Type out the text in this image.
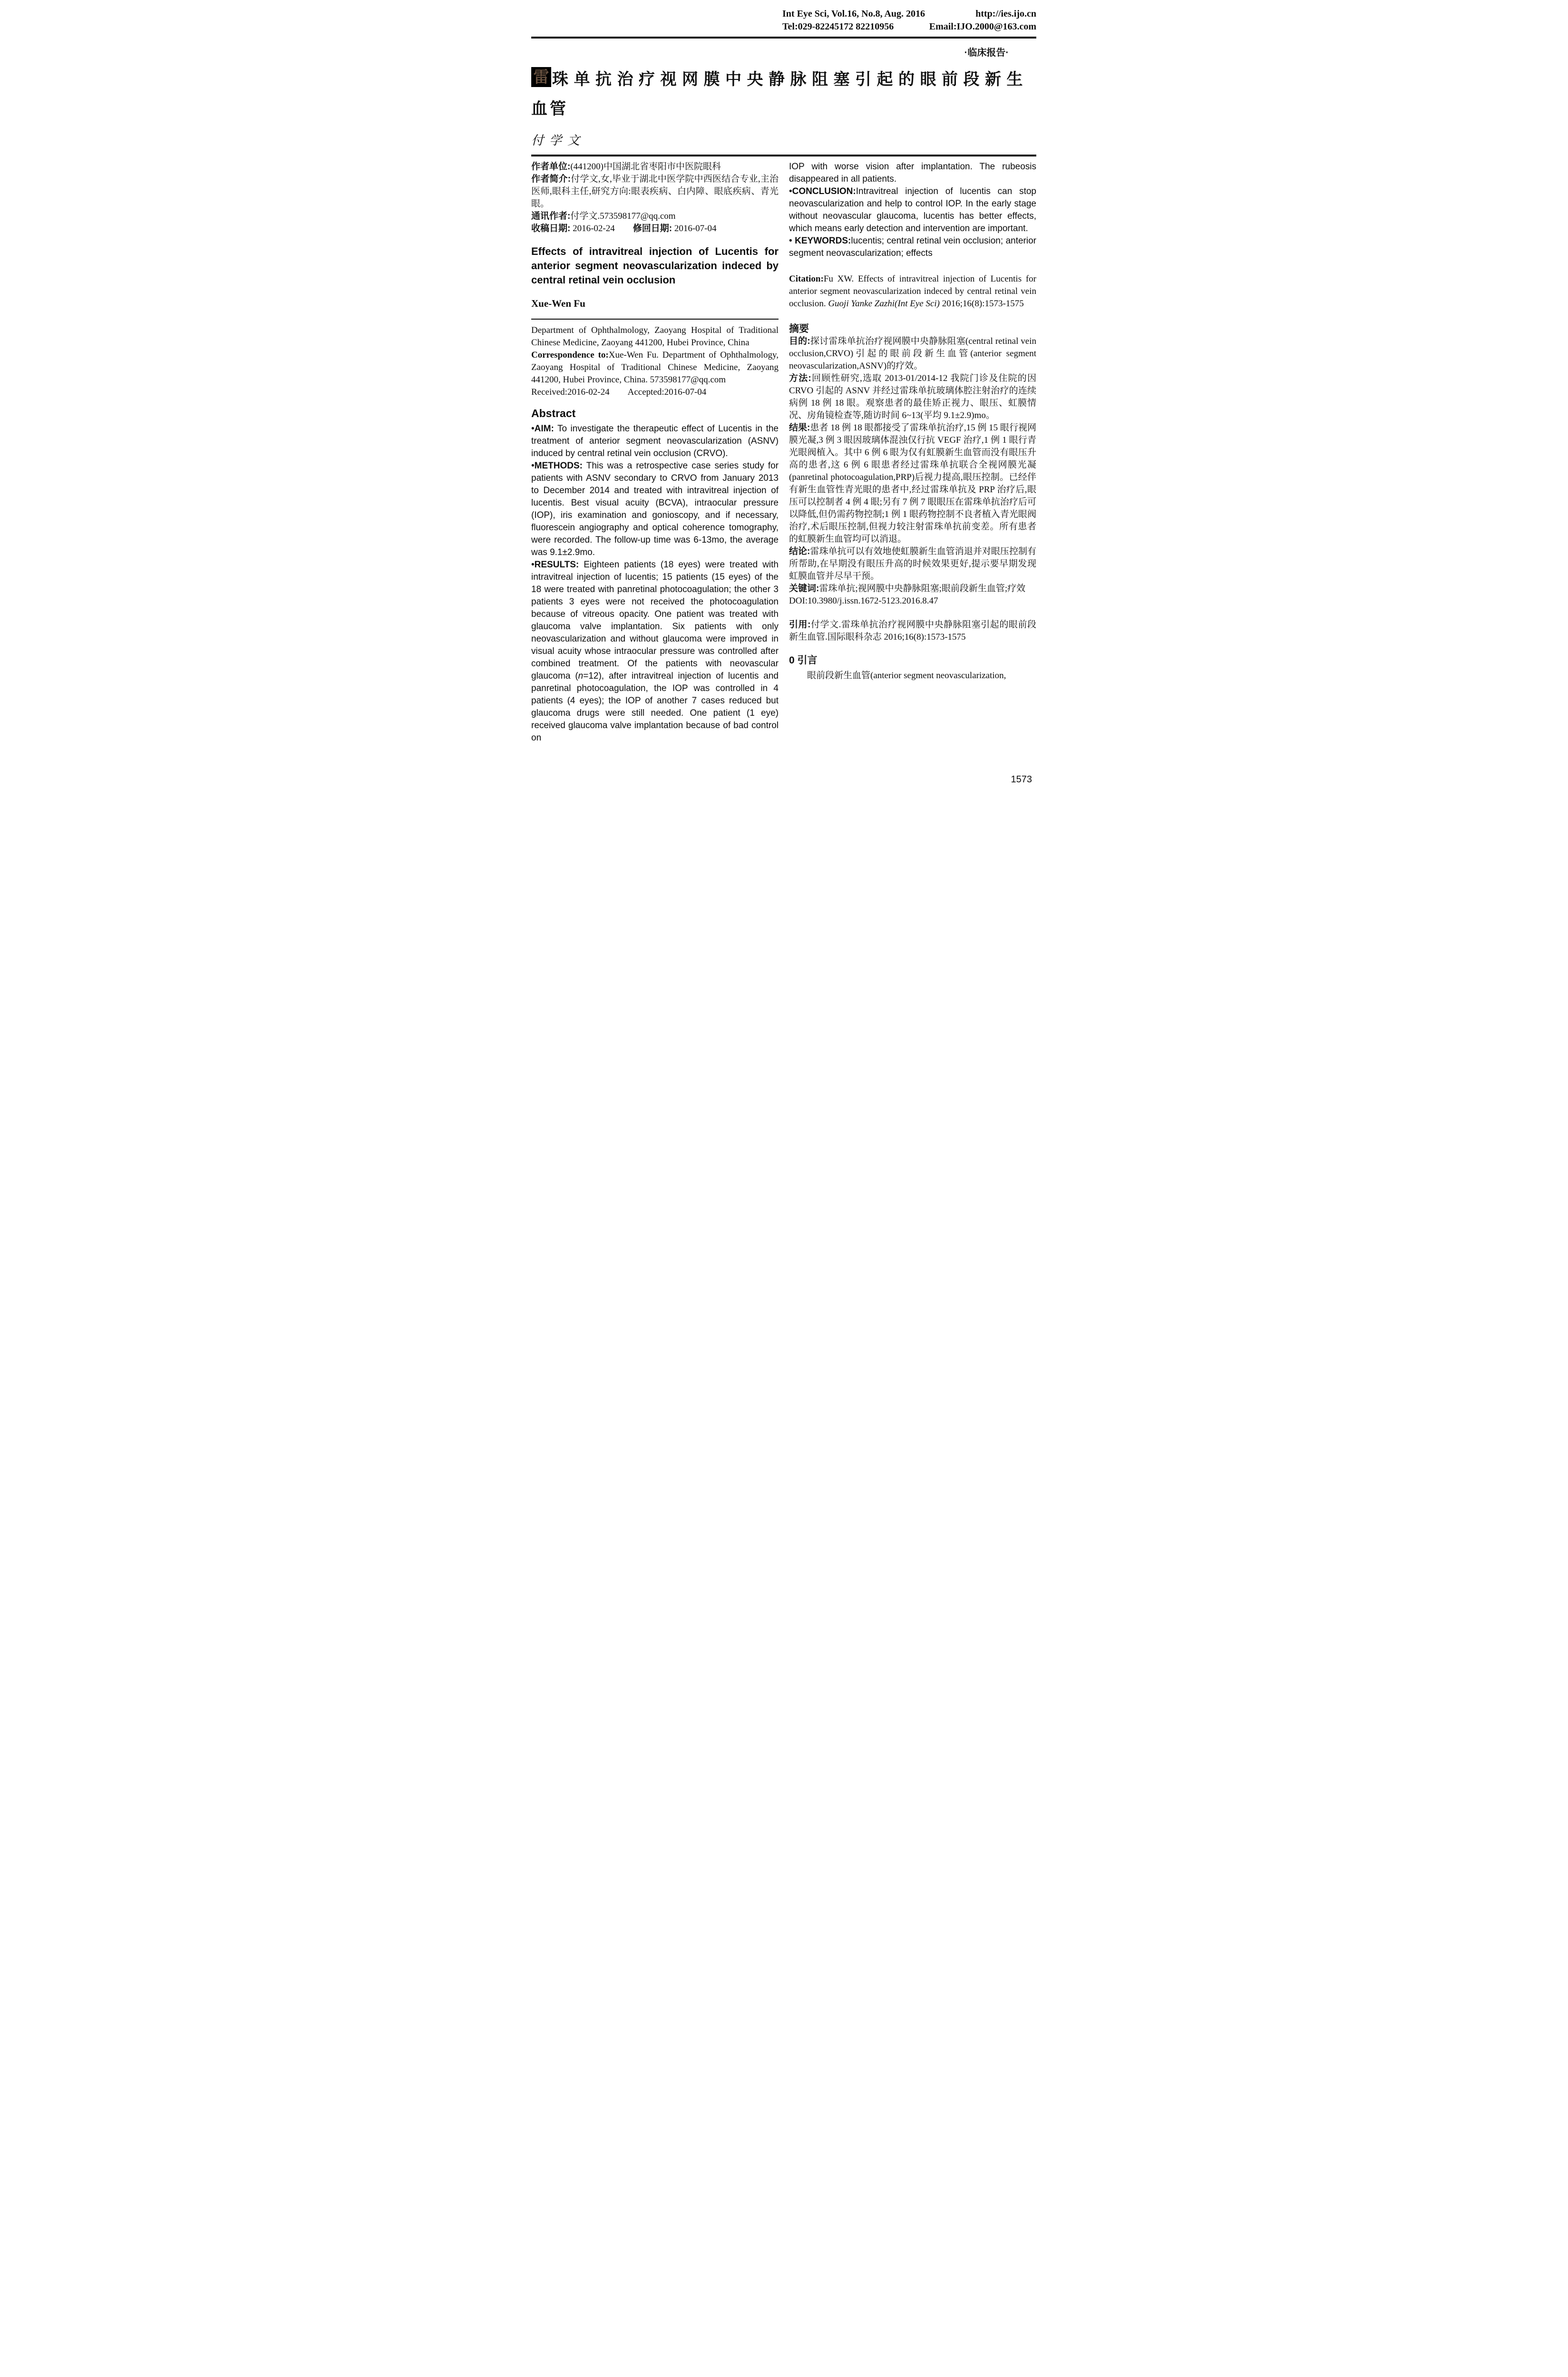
Int Eye Sci, Vol.16, No.8, Aug. 2016	http://ies.ijo.cn
Tel:029-82245172 82210956	Email:IJO.2000@163.com
·临床报告·
雷 珠单抗治疗视网膜中央静脉阻塞引起的眼前段新生
血管
付学文

作者单位:(441200)中国湖北省枣阳市中医院眼科

作者简介:付学文,女,毕业于湖北中医学院中西医结合专业,主治医师,眼科主任,研究方向:眼表疾病、白内障、眼底疾病、青光眼。

通讯作者:付学文.573598177@qq.com

收稿日期: 2016-02-24　　修回日期: 2016-07-04

Effects of intravitreal injection of Lucentis for anterior segment neovascularization indeced by central retinal vein occlusion
Xue-Wen Fu

Department of Ophthalmology, Zaoyang Hospital of Traditional Chinese Medicine, Zaoyang 441200, Hubei Province, China

Correspondence to:Xue-Wen Fu. Department of Ophthalmology, Zaoyang Hospital of Traditional Chinese Medicine, Zaoyang 441200, Hubei Province, China. 573598177@qq.com

Received:2016-02-24　　Accepted:2016-07-04

Abstract

•AIM: To investigate the therapeutic effect of Lucentis in the treatment of anterior segment neovascularization (ASNV) induced by central retinal vein occlusion (CRVO).

•METHODS: This was a retrospective case series study for patients with ASNV secondary to CRVO from January 2013 to December 2014 and treated with intravitreal injection of lucentis. Best visual acuity (BCVA), intraocular pressure (IOP), iris examination and gonioscopy, and if necessary, fluorescein angiography and optical coherence tomography, were recorded. The follow-up time was 6-13mo, the average was 9.1±2.9mo.

•RESULTS: Eighteen patients (18 eyes) were treated with intravitreal injection of lucentis; 15 patients (15 eyes) of the 18 were treated with panretinal photocoagulation; the other 3 patients 3 eyes were not received the photocoagulation because of vitreous opacity. One patient was treated with glaucoma valve implantation. Six patients with only neovascularization and without glaucoma were improved in visual acuity whose intraocular pressure was controlled after combined treatment. Of the patients with neovascular glaucoma (n=12), after intravitreal injection of lucentis and panretinal photocoagulation, the IOP was controlled in 4 patients (4 eyes); the IOP of another 7 cases reduced but glaucoma drugs were still needed. One patient (1 eye) received glaucoma valve implantation because of bad control on

IOP with worse vision after implantation. The rubeosis disappeared in all patients.

•CONCLUSION:Intravitreal injection of lucentis can stop neovascularization and help to control IOP. In the early stage without neovascular glaucoma, lucentis has better effects, which means early detection and intervention are important.

• KEYWORDS:lucentis; central retinal vein occlusion; anterior segment neovascularization; effects

Citation:Fu XW. Effects of intravitreal injection of Lucentis for anterior segment neovascularization indeced by central retinal vein occlusion. Guoji Yanke Zazhi(Int Eye Sci) 2016;16(8):1573-1575

摘要

目的:探讨雷珠单抗治疗视网膜中央静脉阻塞(central retinal vein occlusion,CRVO)引起的眼前段新生血管(anterior segment neovascularization,ASNV)的疗效。

方法:回顾性研究,选取 2013-01/2014-12 我院门诊及住院的因 CRVO 引起的 ASNV 并经过雷珠单抗玻璃体腔注射治疗的连续病例 18 例 18 眼。观察患者的最佳矫正视力、眼压、虹膜情况、房角镜检查等,随访时间 6~13(平均 9.1±2.9)mo。

结果:患者 18 例 18 眼都接受了雷珠单抗治疗,15 例 15 眼行视网膜光凝,3 例 3 眼因玻璃体混浊仅行抗 VEGF 治疗,1 例 1 眼行青光眼阀植入。其中 6 例 6 眼为仅有虹膜新生血管而没有眼压升高的患者,这 6 例 6 眼患者经过雷珠单抗联合全视网膜光凝(panretinal photocoagulation,PRP)后视力提高,眼压控制。已经伴有新生血管性青光眼的患者中,经过雷珠单抗及 PRP 治疗后,眼压可以控制者 4 例 4 眼;另有 7 例 7 眼眼压在雷珠单抗治疗后可以降低,但仍需药物控制;1 例 1 眼药物控制不良者植入青光眼阀治疗,术后眼压控制,但视力较注射雷珠单抗前变差。所有患者的虹膜新生血管均可以消退。

结论:雷珠单抗可以有效地使虹膜新生血管消退并对眼压控制有所帮助,在早期没有眼压升高的时候效果更好,提示要早期发现虹膜血管并尽早干预。

关键词:雷珠单抗;视网膜中央静脉阻塞;眼前段新生血管;疗效

DOI:10.3980/j.issn.1672-5123.2016.8.47

引用:付学文.雷珠单抗治疗视网膜中央静脉阻塞引起的眼前段新生血管.国际眼科杂志 2016;16(8):1573-1575

0 引言

眼前段新生血管(anterior segment neovascularization,

1573
